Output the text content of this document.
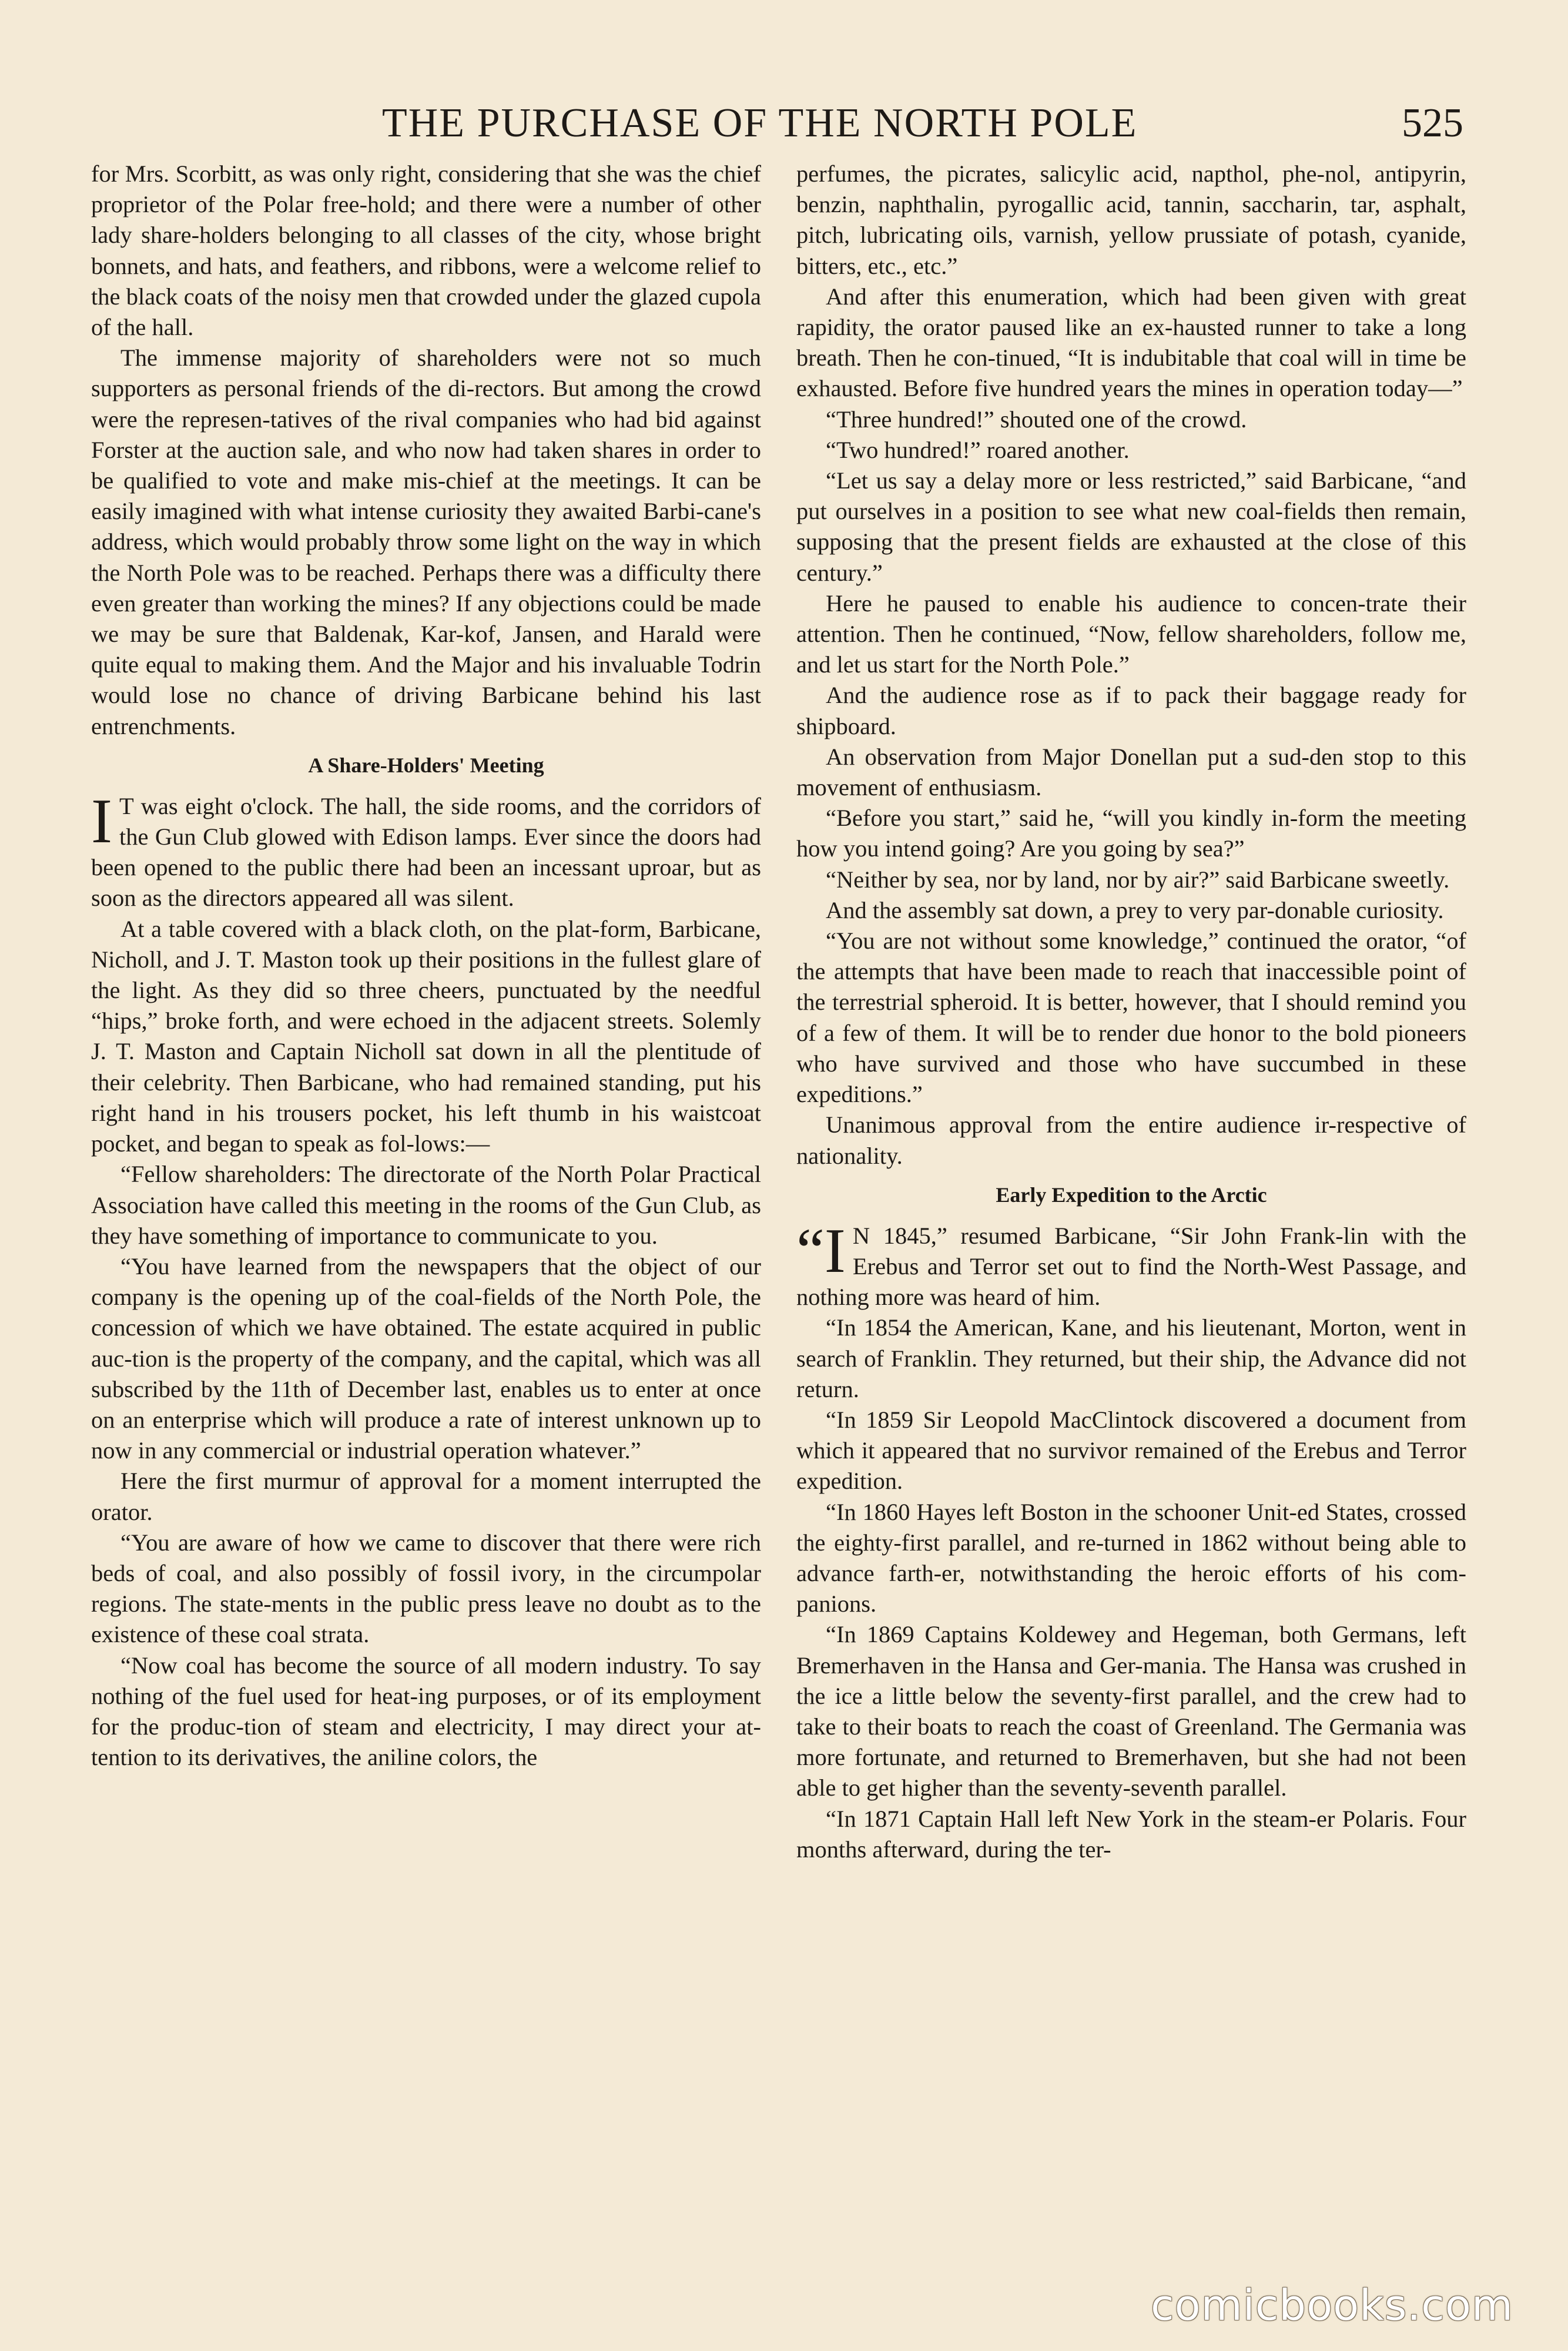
THE PURCHASE OF THE NORTH POLE	525

for Mrs. Scorbitt, as was only right, considering that she was the chief proprietor of the Polar free-hold; and there were a number of other lady share-holders belonging to all classes of the city, whose bright bonnets, and hats, and feathers, and ribbons, were a welcome relief to the black coats of the noisy men that crowded under the glazed cupola of the hall.

The immense majority of shareholders were not so much supporters as personal friends of the di-rectors. But among the crowd were the represen-tatives of the rival companies who had bid against Forster at the auction sale, and who now had taken shares in order to be qualified to vote and make mis-chief at the meetings. It can be easily imagined with what intense curiosity they awaited Barbi-cane's address, which would probably throw some light on the way in which the North Pole was to be reached. Perhaps there was a difficulty there even greater than working the mines? If any objections could be made we may be sure that Baldenak, Kar-kof, Jansen, and Harald were quite equal to making them. And the Major and his invaluable Todrin would lose no chance of driving Barbicane behind his last entrenchments.

A Share-Holders' Meeting

I T was eight o'clock. The hall, the side rooms, and the corridors of the Gun Club glowed with Edison lamps. Ever since the doors had been opened to the public there had been an incessant uproar, but as soon as the directors appeared all was silent.

At a table covered with a black cloth, on the plat-form, Barbicane, Nicholl, and J. T. Maston took up their positions in the fullest glare of the light. As they did so three cheers, punctuated by the needful “hips,” broke forth, and were echoed in the adjacent streets. Solemly J. T. Maston and Captain Nicholl sat down in all the plentitude of their celebrity. Then Barbicane, who had remained standing, put his right hand in his trousers pocket, his left thumb in his waistcoat pocket, and began to speak as fol-lows:—

“Fellow shareholders: The directorate of the North Polar Practical Association have called this meeting in the rooms of the Gun Club, as they have something of importance to communicate to you.

“You have learned from the newspapers that the object of our company is the opening up of the coal-fields of the North Pole, the concession of which we have obtained. The estate acquired in public auc-tion is the property of the company, and the capital, which was all subscribed by the 11th of December last, enables us to enter at once on an enterprise which will produce a rate of interest unknown up to now in any commercial or industrial operation whatever.”

Here the first murmur of approval for a moment interrupted the orator.

“You are aware of how we came to discover that there were rich beds of coal, and also possibly of fossil ivory, in the circumpolar regions. The state-ments in the public press leave no doubt as to the existence of these coal strata.

“Now coal has become the source of all modern industry. To say nothing of the fuel used for heat-ing purposes, or of its employment for the produc-tion of steam and electricity, I may direct your at-tention to its derivatives, the aniline colors, the

perfumes, the picrates, salicylic acid, napthol, phe-nol, antipyrin, benzin, naphthalin, pyrogallic acid, tannin, saccharin, tar, asphalt, pitch, lubricating oils, varnish, yellow prussiate of potash, cyanide, bitters, etc., etc.”

And after this enumeration, which had been given with great rapidity, the orator paused like an ex-hausted runner to take a long breath. Then he con-tinued, “It is indubitable that coal will in time be exhausted. Before five hundred years the mines in operation today—”

“Three hundred!” shouted one of the crowd.

“Two hundred!” roared another.

“Let us say a delay more or less restricted,” said Barbicane, “and put ourselves in a position to see what new coal-fields then remain, supposing that the present fields are exhausted at the close of this century.”

Here he paused to enable his audience to concen-trate their attention. Then he continued, “Now, fellow shareholders, follow me, and let us start for the North Pole.”

And the audience rose as if to pack their baggage ready for shipboard.

An observation from Major Donellan put a sud-den stop to this movement of enthusiasm.

“Before you start,” said he, “will you kindly in-form the meeting how you intend going? Are you going by sea?”

“Neither by sea, nor by land, nor by air?” said Barbicane sweetly.

And the assembly sat down, a prey to very par-donable curiosity.

“You are not without some knowledge,” continued the orator, “of the attempts that have been made to reach that inaccessible point of the terrestrial spheroid. It is better, however, that I should remind you of a few of them. It will be to render due honor to the bold pioneers who have survived and those who have succumbed in these expeditions.”

Unanimous approval from the entire audience ir-respective of nationality.

Early Expedition to the Arctic

“I N 1845,” resumed Barbicane, “Sir John Frank-lin with the Erebus and Terror set out to find the North-West Passage, and nothing more was heard of him.

“In 1854 the American, Kane, and his lieutenant, Morton, went in search of Franklin. They returned, but their ship, the Advance did not return.

“In 1859 Sir Leopold MacClintock discovered a document from which it appeared that no survivor remained of the Erebus and Terror expedition.

“In 1860 Hayes left Boston in the schooner Unit-ed States, crossed the eighty-first parallel, and re-turned in 1862 without being able to advance farth-er, notwithstanding the heroic efforts of his com-panions.

“In 1869 Captains Koldewey and Hegeman, both Germans, left Bremerhaven in the Hansa and Ger-mania. The Hansa was crushed in the ice a little below the seventy-first parallel, and the crew had to take to their boats to reach the coast of Greenland. The Germania was more fortunate, and returned to Bremerhaven, but she had not been able to get higher than the seventy-seventh parallel.

“In 1871 Captain Hall left New York in the steam-er Polaris. Four months afterward, during the ter-

comicbooks.com
